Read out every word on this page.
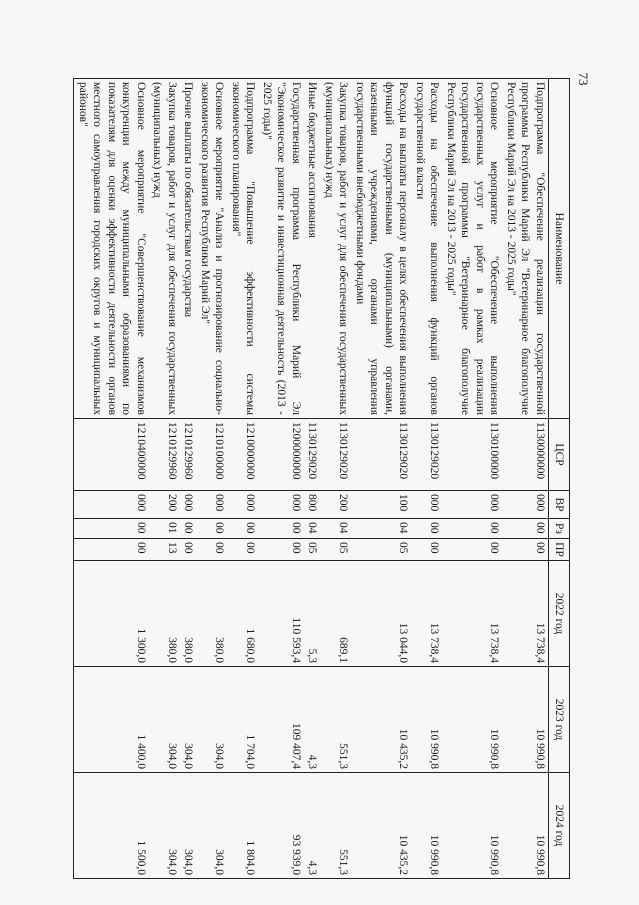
73
Наименование	ЦСР	ВР	Рз	ПР	2022 год	2023 год	2024 год
Подпрограмма "Обеспечение реализации государственной программы Республики Марий Эл "Ветеринарное благополучие Республики Марий Эл на 2013 - 2025 годы"	1130000000	000	00	00	13 738,4	10 990,8	10 990,8
Основное мероприятие "Обеспечение выполнения государственных услуг и работ в рамках реализации государственной программы "Ветеринарное благополучие Республики Марий Эл на 2013 - 2025 годы"	1130100000	000	00	00	13 738,4	10 990,8	10 990,8
Расходы на обеспечение выполнения функций органов государственной власти	1130129020	000	00	00	13 738,4	10 990,8	10 990,8
Расходы на выплаты персоналу в целях обеспечения выполнения функций государственными (муниципальными) органами, казенными учреждениями, органами управления государственными внебюджетными фондами	1130129020	100	04	05	13 044,0	10 435,2	10 435,2
Закупка товаров, работ и услуг для обеспечения государственных (муниципальных) нужд	1130129020	200	04	05	689,1	551,3	551,3
Иные бюджетные ассигнования	1130129020	800	04	05	5,3	4,3	4,3
Государственная программа Республики Марий Эл "Экономическое развитие и инвестиционная деятельность (2013 - 2025 годы)"	1200000000	000	00	00	110 593,4	109 407,4	93 939,0
Подпрограмма "Повышение эффективности системы экономического планирования"	1210000000	000	00	00	1 680,0	1 704,0	1 804,0
Основное мероприятие "Анализ и прогнозирование социально-экономического развития Республики Марий Эл"	1210100000	000	00	00	380,0	304,0	304,0
Прочие выплаты по обязательствам государства	1210129960	000	00	00	380,0	304,0	304,0
Закупка товаров, работ и услуг для обеспечения государственных (муниципальных) нужд	1210129960	200	01	13	380,0	304,0	304,0
Основное мероприятие "Совершенствование механизмов конкуренции между муниципальными образованиями по показателям для оценки эффективности деятельности органов местного самоуправления городских округов и муниципальных районов"	1210400000	000	00	00	1 300,0	1 400,0	1 500,0
